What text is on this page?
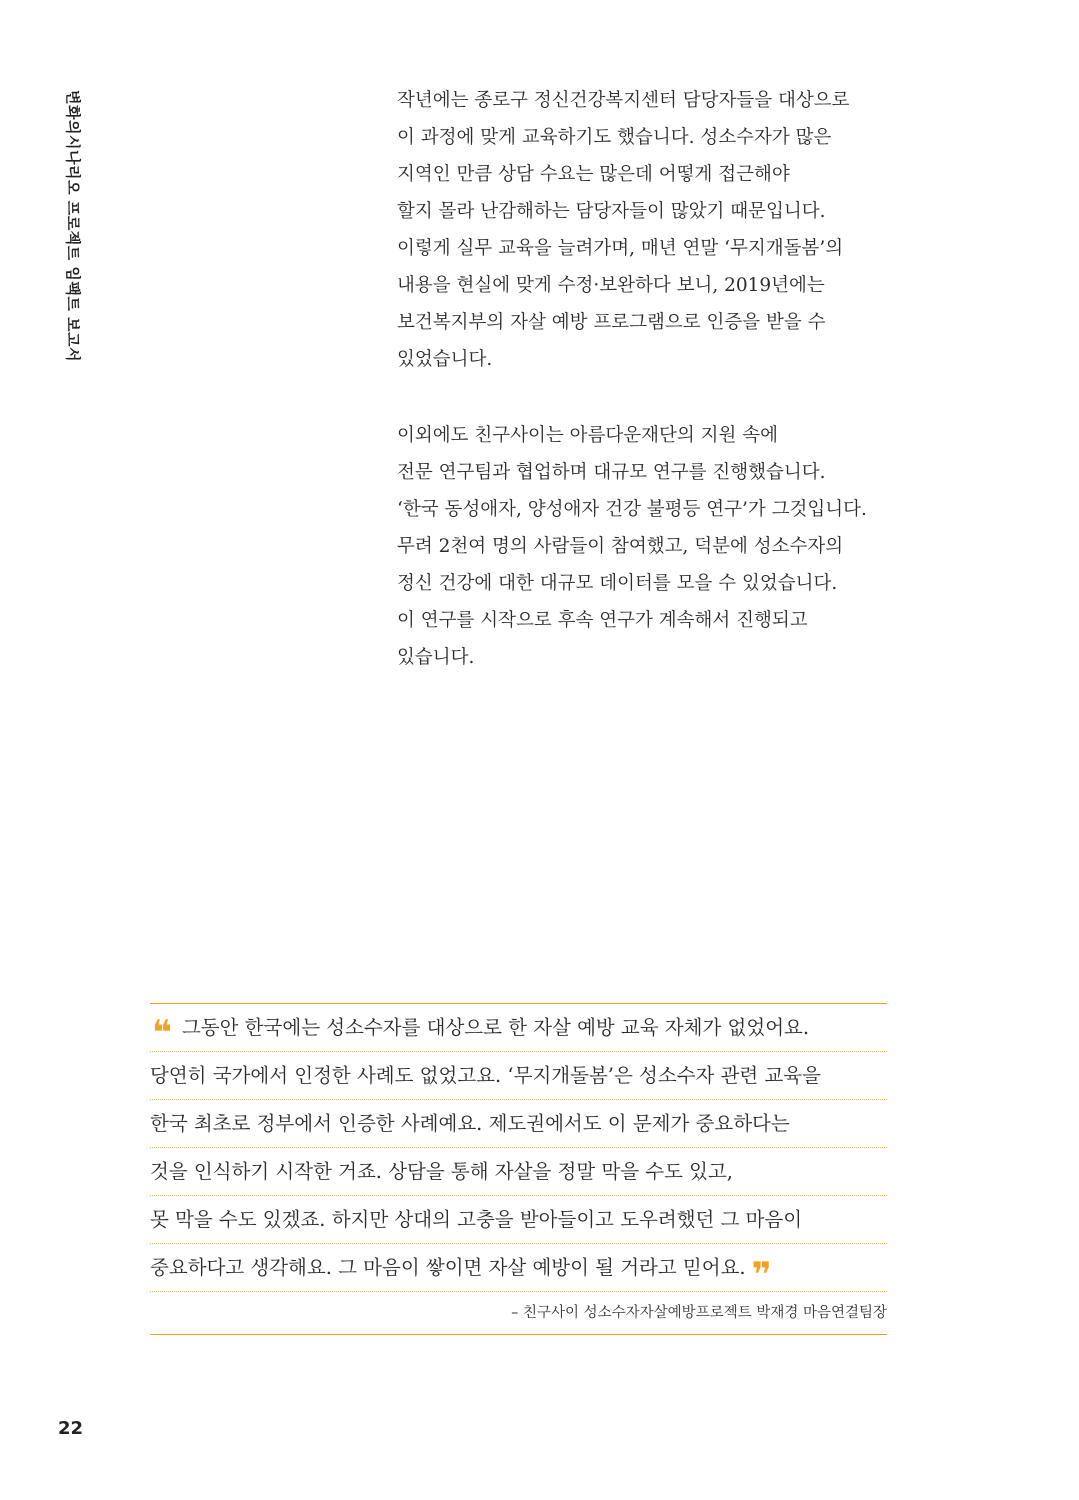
변화의시나리오 프로젝트 임팩트 보고서	작년에는 종로구 정신건강복지센터 담당자들을 대상으로
이 과정에 맞게 교육하기도 했습니다. 성소수자가 많은
지역인 만큼 상담 수요는 많은데 어떻게 접근해야
할지 몰라 난감해하는 담당자들이 많았기 때문입니다.
이렇게 실무 교육을 늘려가며, 매년 연말 ‘무지개돌봄’의
내용을 현실에 맞게 수정·보완하다 보니, 2019년에는
보건복지부의 자살 예방 프로그램으로 인증을 받을 수
있었습니다.
이외에도 친구사이는 아름다운재단의 지원 속에
전문 연구팀과 협업하며 대규모 연구를 진행했습니다.
‘한국 동성애자, 양성애자 건강 불평등 연구’가 그것입니다.
무려 2천여 명의 사람들이 참여했고, 덕분에 성소수자의
정신 건강에 대한 대규모 데이터를 모을 수 있었습니다.
이 연구를 시작으로 후속 연구가 계속해서 진행되고
있습니다.
❝ 그동안 한국에는 성소수자를 대상으로 한 자살 예방 교육 자체가 없었어요.
당연히 국가에서 인정한 사례도 없었고요. ‘무지개돌봄’은 성소수자 관련 교육을
한국 최초로 정부에서 인증한 사례예요. 제도권에서도 이 문제가 중요하다는
것을 인식하기 시작한 거죠. 상담을 통해 자살을 정말 막을 수도 있고,
못 막을 수도 있겠죠. 하지만 상대의 고충을 받아들이고 도우려했던 그 마음이
중요하다고 생각해요. 그 마음이 쌓이면 자살 예방이 될 거라고 믿어요. ❞
– 친구사이 성소수자자살예방프로젝트 박재경 마음연결팀장
22
